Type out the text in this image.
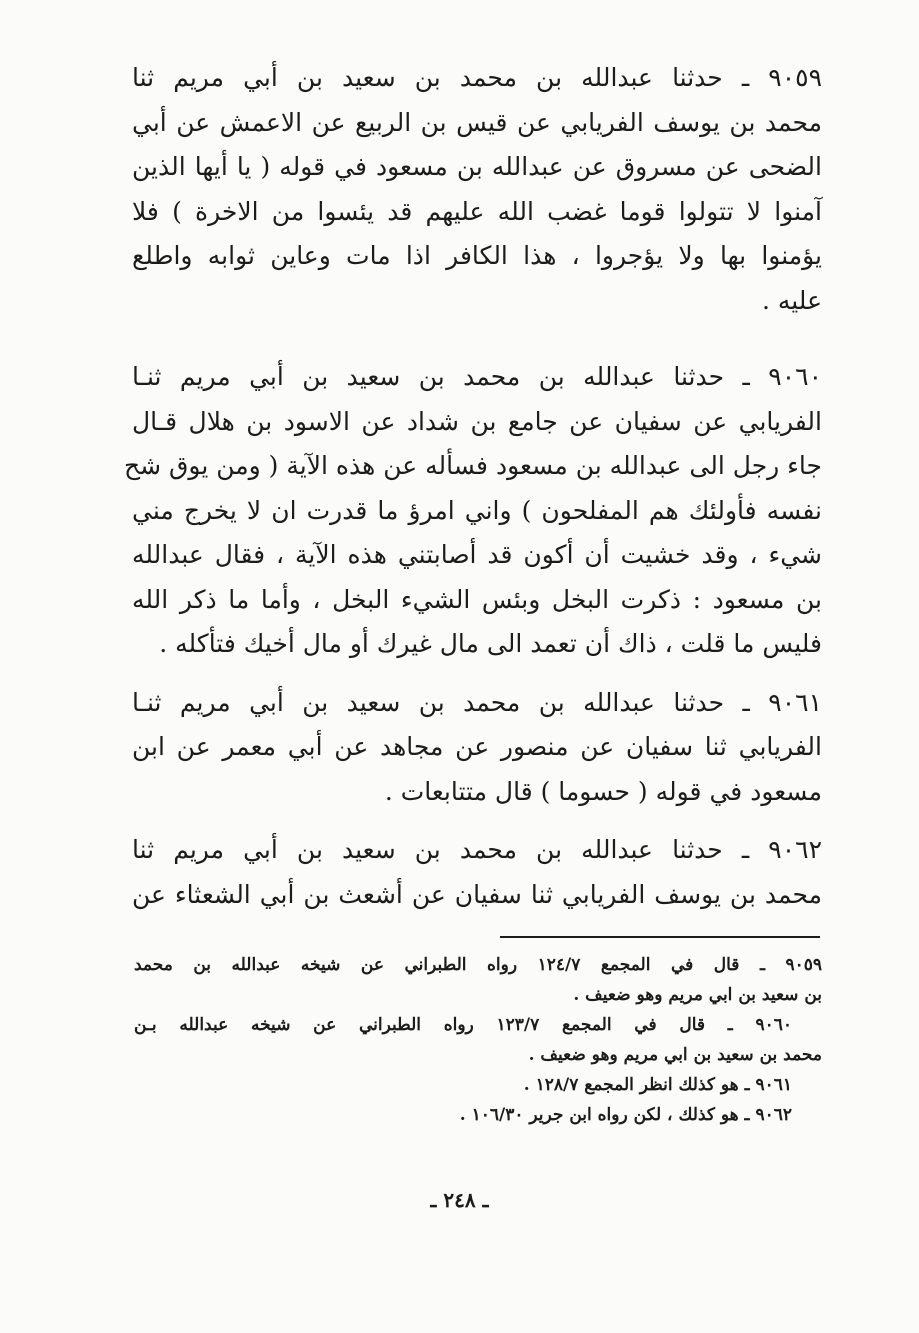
٩٠٥٩ ـ حدثنا عبدالله بن محمد بن سعيد بن أبي مريم ثنا
محمد بن يوسف الفريابي عن قيس بن الربيع عن الاعمش عن أبي
الضحى عن مسروق عن عبدالله بن مسعود في قوله ( يا أيها الذين
آمنوا لا تتولوا قوما غضب الله عليهم قد يئسوا من الاخرة ) فلا
يؤمنوا بها ولا يؤجروا ، هذا الكافر اذا مات وعاين ثوابه واطلع
عليه .
٩٠٦٠ ـ حدثنا عبدالله بن محمد بن سعيد بن أبي مريم ثنـا
الفريابي عن سفيان عن جامع بن شداد عن الاسود بن هلال قـال
جاء رجل الى عبدالله بن مسعود فسأله عن هذه الآية ( ومن يوق شح
نفسه فأولئك هم المفلحون ) واني امرؤ ما قدرت ان لا يخرج مني
شيء ، وقد خشيت أن أكون قد أصابتني هذه الآية ، فقال عبدالله
بن مسعود : ذكرت البخل وبئس الشيء البخل ، وأما ما ذكر الله
فليس ما قلت ، ذاك أن تعمد الى مال غيرك أو مال أخيك فتأكله .
٩٠٦١ ـ حدثنا عبدالله بن محمد بن سعيد بن أبي مريم ثنـا
الفريابي ثنا سفيان عن منصور عن مجاهد عن أبي معمر عن ابن
مسعود في قوله ( حسوما ) قال متتابعات .
٩٠٦٢ ـ حدثنا عبدالله بن محمد بن سعيد بن أبي مريم ثنا
محمد بن يوسف الفريابي ثنا سفيان عن أشعث بن أبي الشعثاء عن
٩٠٥٩ ـ قال في المجمع ١٢٤/٧ رواه الطبراني عن شيخه عبدالله بن محمد
بن سعيد بن ابي مريم وهو ضعيف .
٩٠٦٠ ـ قال في المجمع ١٢٣/٧ رواه الطبراني عن شيخه عبدالله بـن
محمد بن سعيد بن ابي مريم وهو ضعيف .
٩٠٦١ ـ هو كذلك انظر المجمع ١٢٨/٧ .
٩٠٦٢ ـ هو كذلك ، لكن رواه ابن جرير ١٠٦/٣٠ .
ـ ٢٤٨ ـ
